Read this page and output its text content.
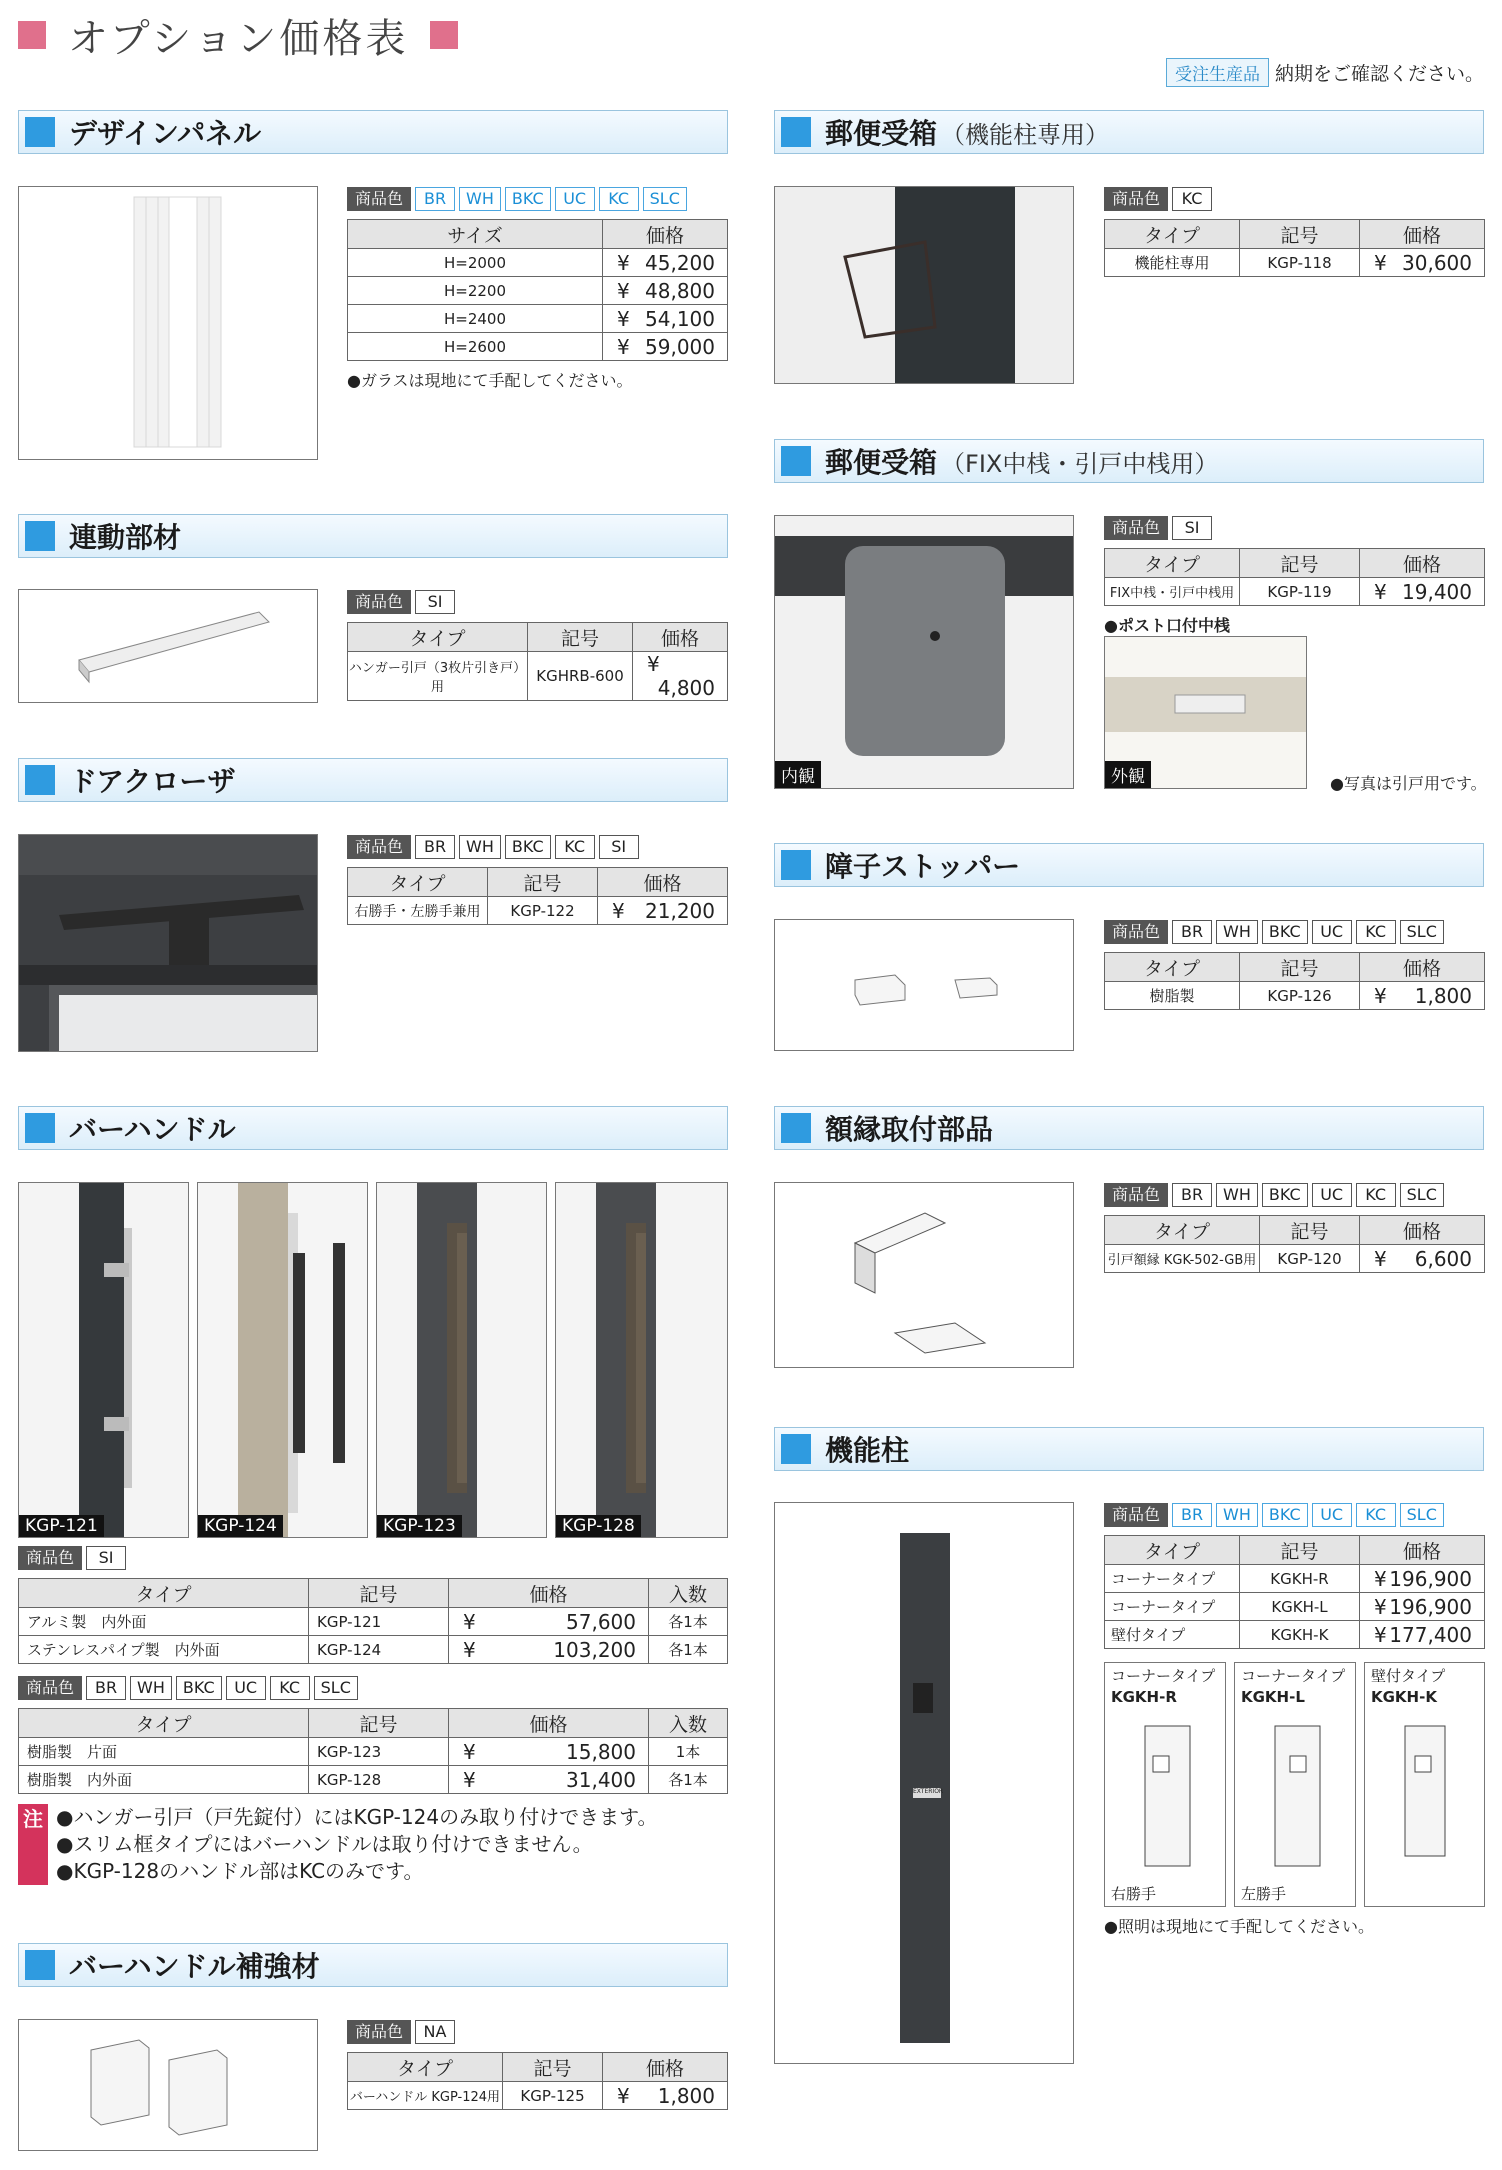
オプション価格表
受注生産品 納期をご確認ください。
デザインパネル
商品色	BR	WH	BKC	UC	KC	SLC
サイズ	価格
H=2000	¥ 45,200
H=2200	¥ 48,800
H=2400	¥ 54,100
H=2600	¥ 59,000
●ガラスは現地にて手配してください。
連動部材
商品色	SI
タイプ	記号	価格
ハンガー引戸（3枚片引き戸）用	KGHRB-600	¥
4,800
ドアクローザ
商品色	BR	WH	BKC	KC	SI
タイプ	記号	価格
右勝手・左勝手兼用	KGP-122	¥ 21,200
バーハンドル
KGP-121	KGP-124	KGP-123	KGP-128
商品色	SI
タイプ	記号	価格	入数
アルミ製　内外面	KGP-121	¥ 57,600	各1本
ステンレスパイプ製　内外面	KGP-124	¥ 103,200	各1本
商品色	BR	WH	BKC	UC	KC	SLC
タイプ	記号	価格	入数
樹脂製　片面	KGP-123	¥ 15,800	1本
樹脂製　内外面	KGP-128	¥ 31,400	各1本
注 ●ハンガー引戸（戸先錠付）にはKGP-124のみ取り付けできます。
●スリム框タイプにはバーハンドルは取り付けできません。
●KGP-128のハンドル部はKCのみです。
バーハンドル補強材
商品色	NA
タイプ	記号	価格
バーハンドル KGP-124用	KGP-125	¥ 1,800
郵便受箱 （機能柱専用）
商品色	KC
タイプ	記号	価格
機能柱専用	KGP-118	¥ 30,600
郵便受箱 （FIX中桟・引戸中桟用）
内観
商品色	SI
タイプ	記号	価格
FIX中桟・引戸中桟用	KGP-119	¥ 19,400
●ポスト口付中桟
外観	●写真は引戸用です。
障子ストッパー
商品色	BR	WH	BKC	UC	KC	SLC
タイプ	記号	価格
樹脂製	KGP-126	¥ 1,800
額縁取付部品
商品色	BR	WH	BKC	UC	KC	SLC
タイプ	記号	価格
引戸額縁 KGK-502-GB用	KGP-120	¥ 6,600
機能柱
EXTERIOR
商品色	BR	WH	BKC	UC	KC	SLC
タイプ	記号	価格
コーナータイプ	KGKH-R	¥ 196,900
コーナータイプ	KGKH-L	¥ 196,900
壁付タイプ	KGKH-K	¥ 177,400
コーナータイプ
KGKH-R
右勝手
コーナータイプ
KGKH-L
左勝手
壁付タイプ
KGKH-K
●照明は現地にて手配してください。
